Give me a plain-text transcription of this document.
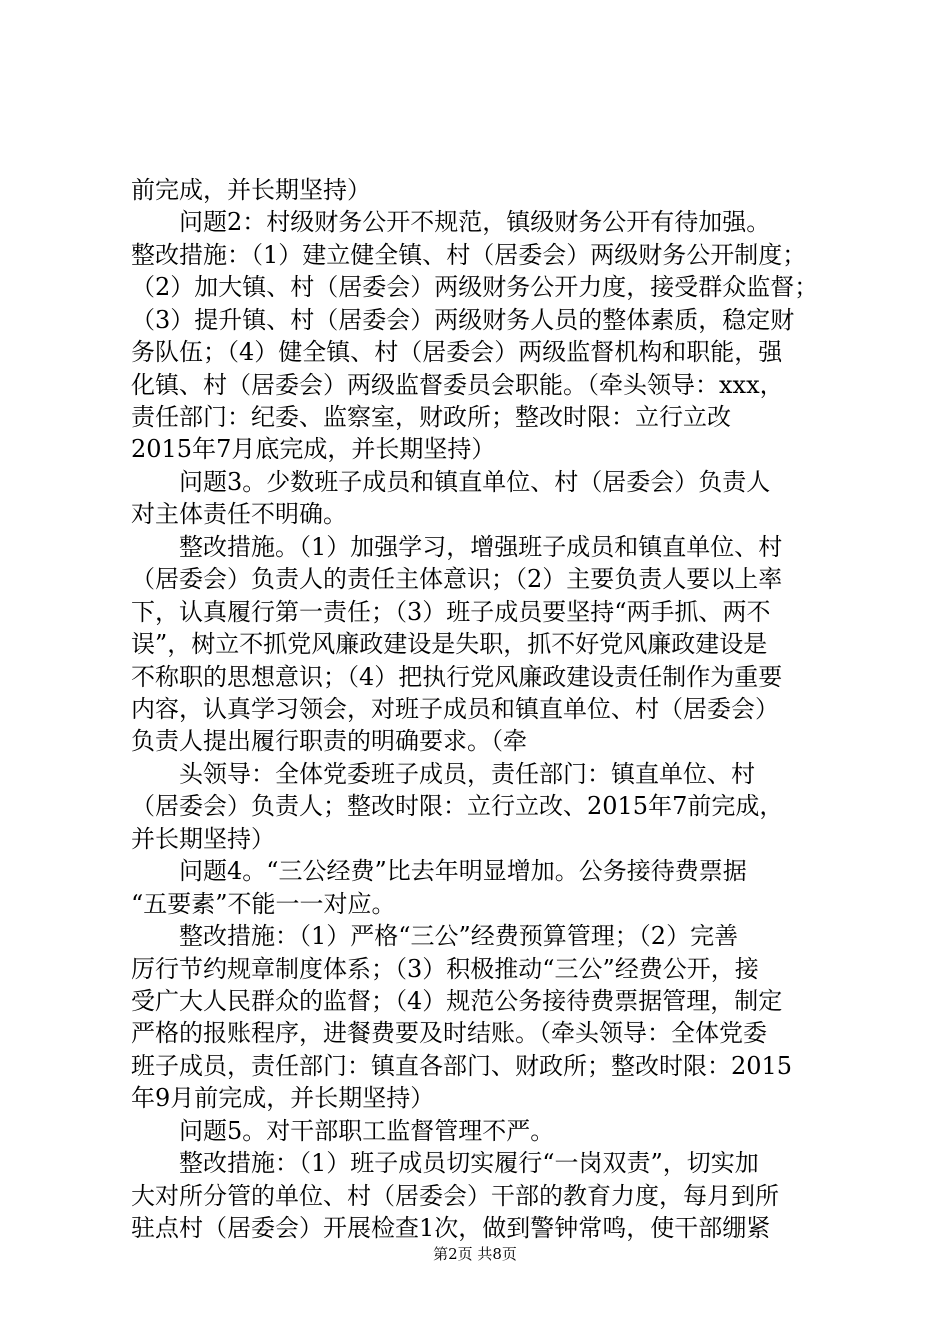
前完成，并长期坚持）
　　问题2：村级财务公开不规范，镇级财务公开有待加强。
整改措施：（1）建立健全镇、村（居委会）两级财务公开制度；
（2）加大镇、村（居委会）两级财务公开力度，接受群众监督；
（3）提升镇、村（居委会）两级财务人员的整体素质，稳定财
务队伍；（4）健全镇、村（居委会）两级监督机构和职能，强
化镇、村（居委会）两级监督委员会职能。（牵头领导：xxx，
责任部门：纪委、监察室，财政所；整改时限：立行立改
2015年7月底完成，并长期坚持）
　　问题3。少数班子成员和镇直单位、村（居委会）负责人
对主体责任不明确。
　　整改措施。（1）加强学习，增强班子成员和镇直单位、村
（居委会）负责人的责任主体意识；（2）主要负责人要以上率
下，认真履行第一责任；（3）班子成员要坚持“两手抓、两不
误”，树立不抓党风廉政建设是失职，抓不好党风廉政建设是
不称职的思想意识；（4）把执行党风廉政建设责任制作为重要
内容，认真学习领会，对班子成员和镇直单位、村（居委会）
负责人提出履行职责的明确要求。（牵
　　头领导：全体党委班子成员，责任部门：镇直单位、村
（居委会）负责人；整改时限：立行立改、2015年7前完成，
并长期坚持）
　　问题4。“三公经费”比去年明显增加。公务接待费票据
“五要素”不能一一对应。
　　整改措施：（1）严格“三公”经费预算管理；（2）完善
厉行节约规章制度体系；（3）积极推动“三公”经费公开，接
受广大人民群众的监督；（4）规范公务接待费票据管理，制定
严格的报账程序，进餐费要及时结账。（牵头领导：全体党委
班子成员，责任部门：镇直各部门、财政所；整改时限：2015
年9月前完成，并长期坚持）
　　问题5。对干部职工监督管理不严。
　　整改措施：（1）班子成员切实履行“一岗双责”，切实加
大对所分管的单位、村（居委会）干部的教育力度，每月到所
驻点村（居委会）开展检查1次，做到警钟常鸣，使干部绷紧
第2页 共8页
